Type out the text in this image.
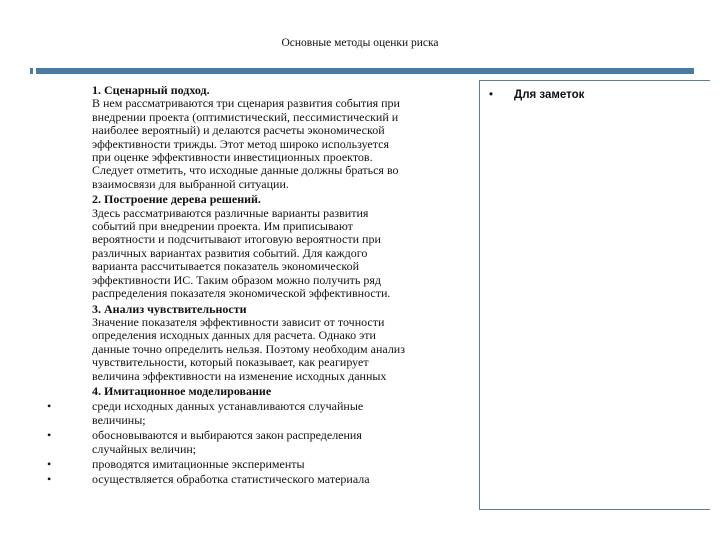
Основные методы оценки риска
1. Сценарный подход.
В нем рассматриваются три сценария развития события при
внедрении проекта (оптимистический, пессимистический и
наиболее вероятный) и делаются расчеты экономической
эффективности трижды. Этот метод широко используется
при оценке эффективности инвестиционных проектов.
Следует отметить, что исходные данные должны браться во
взаимосвязи для выбранной ситуации.
2. Построение дерева решений.
Здесь рассматриваются различные варианты развития
событий при внедрении проекта. Им приписывают
вероятности и подсчитывают итоговую вероятности при
различных вариантах развития событий. Для каждого
варианта рассчитывается показатель экономической
эффективности ИС. Таким образом можно получить ряд
распределения показателя экономической эффективности.
3. Анализ чувствительности
Значение показателя эффективности зависит от точности
определения исходных данных для расчета. Однако эти
данные точно определить нельзя. Поэтому необходим анализ
чувствительности, который показывает, как реагирует
величина эффективности на изменение исходных данных
4. Имитационное моделирование
•	среди исходных данных устанавливаются случайные
величины;
•	обосновываются и выбираются закон распределения
случайных величин;
•	проводятся имитационные эксперименты
•	осуществляется обработка статистического материала
• Для заметок
